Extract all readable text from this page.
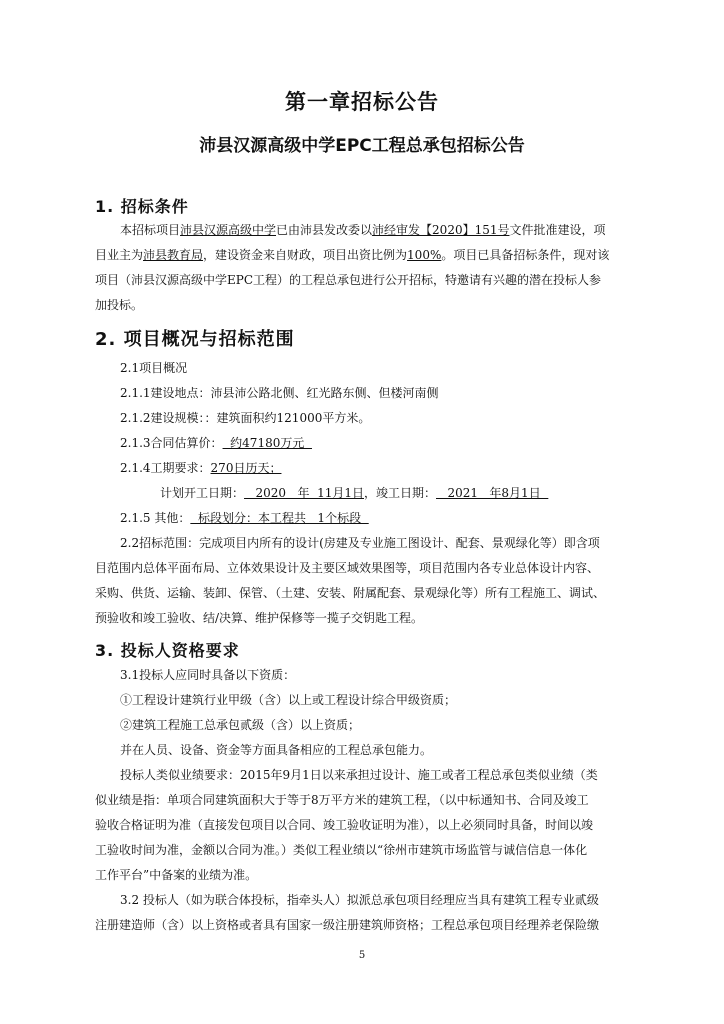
第一章招标公告
沛县汉源高级中学EPC工程总承包招标公告
1. 招标条件
本招标项目沛县汉源高级中学已由沛县发改委以沛经审发【2020】151号文件批准建设，项
目业主为沛县教育局，建设资金来自财政，项目出资比例为100%。项目已具备招标条件，现对该
项目（沛县汉源高级中学EPC工程）的工程总承包进行公开招标，特邀请有兴趣的潜在投标人参
加投标。
2. 项目概况与招标范围
2.1项目概况
2.1.1建设地点：沛县沛公路北侧、红光路东侧、但楼河南侧
2.1.2建设规模：：建筑面积约121000平方米。
2.1.3合同估算价：  约47180万元
2.1.4工期要求：270日历天；
计划开工日期：   2020   年  11月1日，竣工日期：   2021   年8月1日
2.1.5 其他：  标段划分：本工程共   1个标段
2.2招标范围：完成项目内所有的设计(房建及专业施工图设计、配套、景观绿化等）即含项
目范围内总体平面布局、立体效果设计及主要区域效果图等，项目范围内各专业总体设计内容、
采购、供货、运输、装卸、保管、（土建、安装、附属配套、景观绿化等）所有工程施工、调试、
预验收和竣工验收、结/决算、维护保修等一揽子交钥匙工程。
3. 投标人资格要求
3.1投标人应同时具备以下资质：
①工程设计建筑行业甲级（含）以上或工程设计综合甲级资质；
②建筑工程施工总承包贰级（含）以上资质；
并在人员、设备、资金等方面具备相应的工程总承包能力。
投标人类似业绩要求：2015年9月1日以来承担过设计、施工或者工程总承包类似业绩（类
似业绩是指：单项合同建筑面积大于等于8万平方米的建筑工程，（以中标通知书、合同及竣工
验收合格证明为准（直接发包项目以合同、竣工验收证明为准），以上必须同时具备，时间以竣
工验收时间为准，金额以合同为准。）类似工程业绩以“徐州市建筑市场监管与诚信信息一体化
工作平台”中备案的业绩为准。
3.2 投标人（如为联合体投标，指牵头人）拟派总承包项目经理应当具有建筑工程专业贰级
注册建造师（含）以上资格或者具有国家一级注册建筑师资格；工程总承包项目经理养老保险缴
5
